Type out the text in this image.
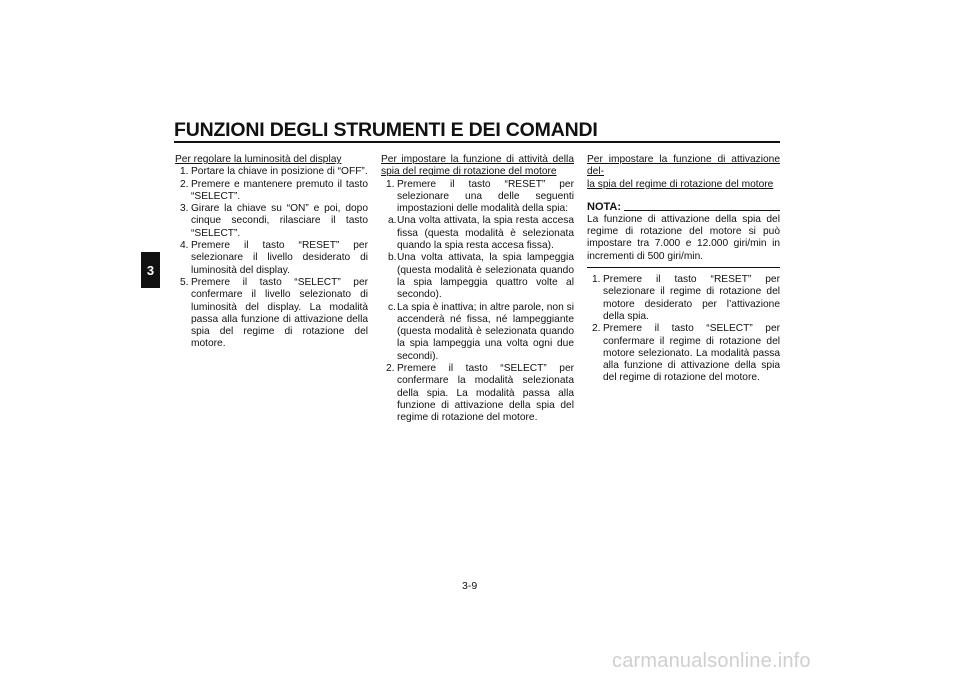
FUNZIONI DEGLI STRUMENTI E DEI COMANDI
3

Per regolare la luminosità del display

1. Portare la chiave in posizione di “OFF”.
2. Premere e mantenere premuto il tasto “SELECT”.
3. Girare la chiave su “ON” e poi, dopo cinque secondi, rilasciare il tasto “SELECT”.
4. Premere il tasto “RESET” per selezionare il livello desiderato di luminosità del display.
5. Premere il tasto “SELECT” per confermare il livello selezionato di luminosità del display. La modalità passa alla funzione di attivazione della spia del regime di rotazione del motore.

Per impostare la funzione di attività della
spia del regime di rotazione del motore

1. Premere il tasto “RESET” per selezionare una delle seguenti impostazioni delle modalità della spia:
a. Una volta attivata, la spia resta accesa fissa (questa modalità è selezionata quando la spia resta accesa fissa).
b. Una volta attivata, la spia lampeggia (questa modalità è selezionata quando la spia lampeggia quattro volte al secondo).
c. La spia è inattiva; in altre parole, non si accenderà né fissa, né lampeggiante (questa modalità è selezionata quando la spia lampeggia una volta ogni due secondi).
2. Premere il tasto “SELECT” per confermare la modalità selezionata della spia. La modalità passa alla funzione di attivazione della spia del regime di rotazione del motore.

Per impostare la funzione di attivazione del-
la spia del regime di rotazione del motore

NOTA:

La funzione di attivazione della spia del regime di rotazione del motore si può impostare tra 7.000 e 12.000 giri/min in incrementi di 500 giri/min.

1. Premere il tasto “RESET” per selezionare il regime di rotazione del motore desiderato per l’attivazione della spia.
2. Premere il tasto “SELECT” per confermare il regime di rotazione del motore selezionato. La modalità passa alla funzione di attivazione della spia del regime di rotazione del motore.
3-9
carmanualsonline.info
